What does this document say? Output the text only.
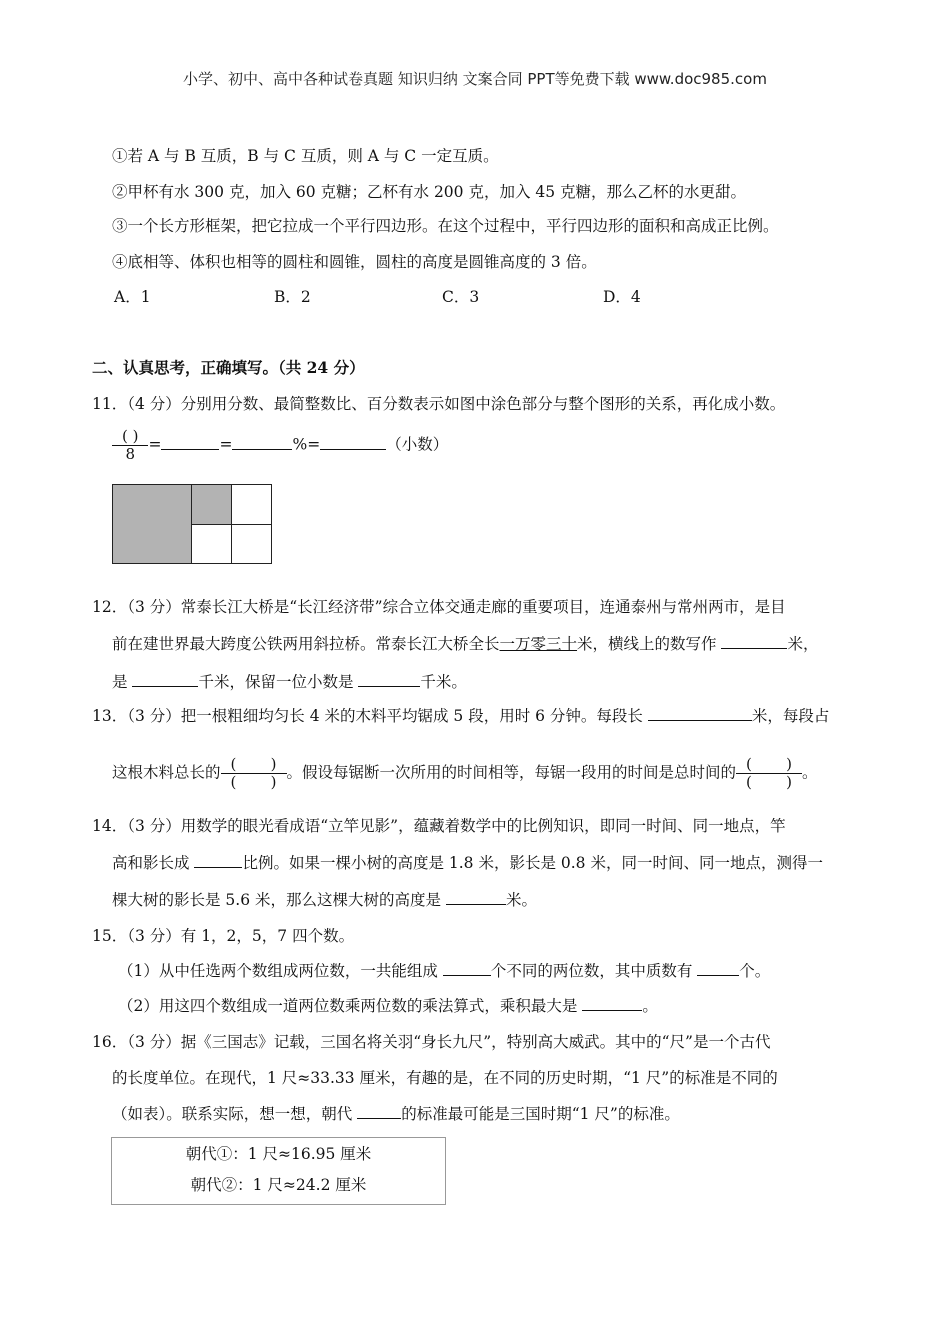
小学、初中、高中各种试卷真题 知识归纳 文案合同 PPT等免费下载 www.doc985.com
①若 A 与 B 互质，B 与 C 互质，则 A 与 C 一定互质。
②甲杯有水 300 克，加入 60 克糖；乙杯有水 200 克，加入 45 克糖，那么乙杯的水更甜。
③一个长方形框架，把它拉成一个平行四边形。在这个过程中，平行四边形的面积和高成正比例。
④底相等、体积也相等的圆柱和圆锥，圆柱的高度是圆锥高度的 3 倍。
A．1	B．2	C．3	D．4
二、认真思考，正确填写。（共 24 分）
11．（4 分）分别用分数、最简整数比、百分数表示如图中涂色部分与整个图形的关系，再化成小数。
$\frac{( )}{8}$ =	=	%=	（小数）
12．（3 分）常泰长江大桥是“长江经济带”综合立体交通走廊的重要项目，连通泰州与常州两市，是目
前在建世界最大跨度公铁两用斜拉桥。常泰长江大桥全长一万零三十米，横线上的数写作	米，
是	千米，保留一位小数是	千米。
13．（3 分）把一根粗细均匀长 4 米的木料平均锯成 5 段，用时 6 分钟。每段长	米，每段占
这根木料总长的 $\frac{( )}{( )}$ 。假设每锯断一次所用的时间相等，每锯一段用的时间是总时间的 $\frac{( )}{( )}$ 。
14．（3 分）用数学的眼光看成语“立竿见影”，蕴藏着数学中的比例知识，即同一时间、同一地点，竿
高和影长成	比例。如果一棵小树的高度是 1.8 米，影长是 0.8 米，同一时间、同一地点，测得一
棵大树的影长是 5.6 米，那么这棵大树的高度是	米。
15．（3 分）有 1，2，5，7 四个数。
（1）从中任选两个数组成两位数，一共能组成	个不同的两位数，其中质数有	个。
（2）用这四个数组成一道两位数乘两位数的乘法算式，乘积最大是	。
16．（3 分）据《三国志》记载，三国名将关羽“身长九尺”，特别高大威武。其中的“尺”是一个古代
的长度单位。在现代，1 尺≈33.33 厘米，有趣的是，在不同的历史时期，“1 尺”的标准是不同的
（如表）。联系实际，想一想，朝代	的标准最可能是三国时期“1 尺”的标准。
朝代①：1 尺≈16.95 厘米
朝代②：1 尺≈24.2 厘米
